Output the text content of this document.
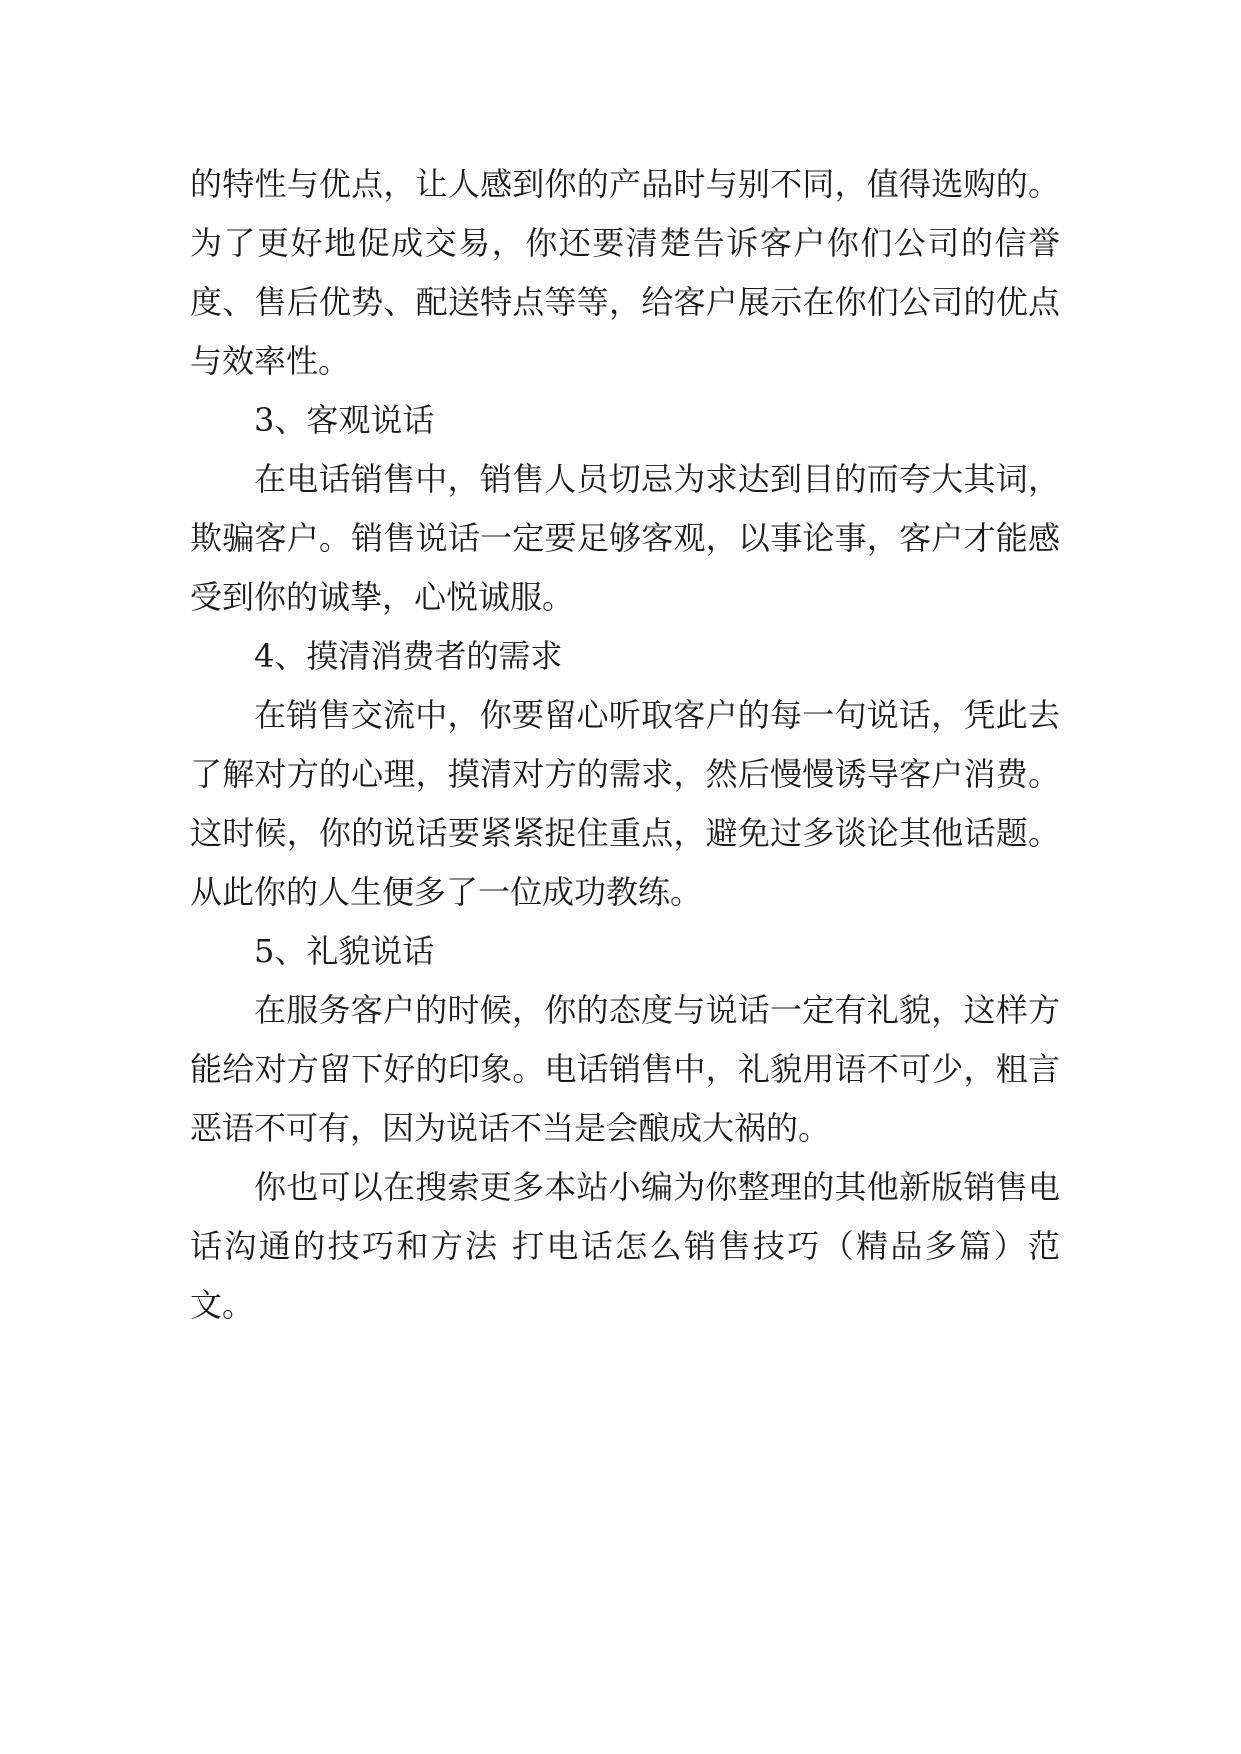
的特性与优点，让人感到你的产品时与别不同，值得选购的。为了更好地促成交易，你还要清楚告诉客户你们公司的信誉度、售后优势、配送特点等等，给客户展示在你们公司的优点与效率性。

3、客观说话

在电话销售中，销售人员切忌为求达到目的而夸大其词，欺骗客户。销售说话一定要足够客观，以事论事，客户才能感受到你的诚挚，心悦诚服。

4、摸清消费者的需求

在销售交流中，你要留心听取客户的每一句说话，凭此去了解对方的心理，摸清对方的需求，然后慢慢诱导客户消费。这时候，你的说话要紧紧捉住重点，避免过多谈论其他话题。从此你的人生便多了一位成功教练。

5、礼貌说话

在服务客户的时候，你的态度与说话一定有礼貌，这样方能给对方留下好的印象。电话销售中，礼貌用语不可少，粗言恶语不可有，因为说话不当是会酿成大祸的。

你也可以在搜索更多本站小编为你整理的其他新版销售电话沟通的技巧和方法 打电话怎么销售技巧（精品多篇）范文。
